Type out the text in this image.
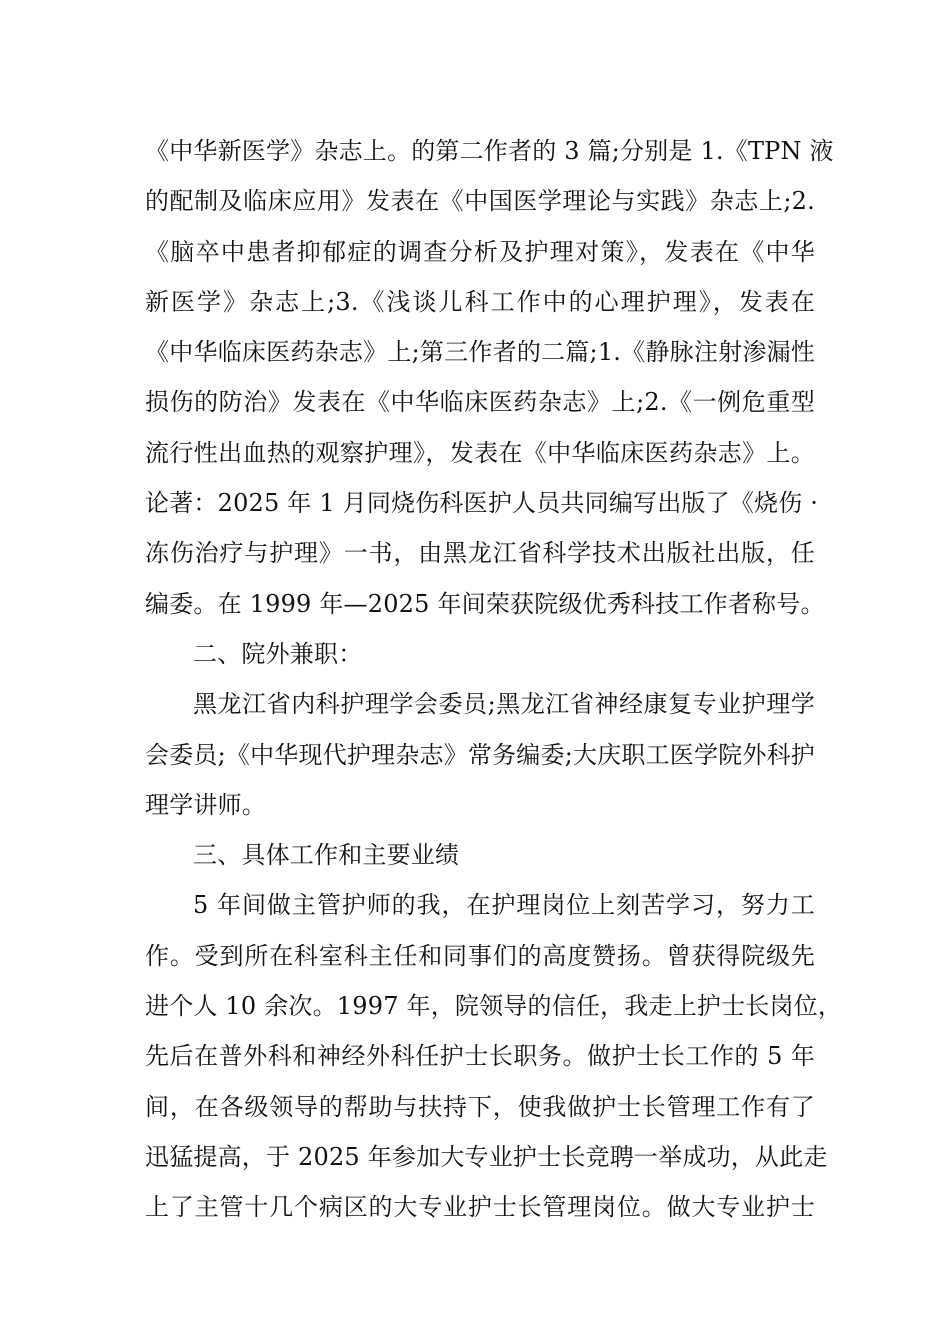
《中华新医学》杂志上。的第二作者的 3 篇;分别是 1.《TPN 液
的配制及临床应用》发表在《中国医学理论与实践》杂志上;2.
《脑卒中患者抑郁症的调查分析及护理对策》，发表在《中华
新医学》杂志上;3.《浅谈儿科工作中的心理护理》，发表在
《中华临床医药杂志》上;第三作者的二篇;1.《静脉注射渗漏性
损伤的防治》发表在《中华临床医药杂志》上;2.《一例危重型
流行性出血热的观察护理》，发表在《中华临床医药杂志》上。
论著：2025 年 1 月同烧伤科医护人员共同编写出版了《烧伤 ·
冻伤治疗与护理》一书，由黑龙江省科学技术出版社出版，任
编委。在 1999 年—2025 年间荣获院级优秀科技工作者称号。
二、院外兼职：
黑龙江省内科护理学会委员;黑龙江省神经康复专业护理学
会委员;《中华现代护理杂志》常务编委;大庆职工医学院外科护
理学讲师。
三、具体工作和主要业绩
5 年间做主管护师的我，在护理岗位上刻苦学习，努力工
作。受到所在科室科主任和同事们的高度赞扬。曾获得院级先
进个人 10 余次。1997 年，院领导的信任，我走上护士长岗位，
先后在普外科和神经外科任护士长职务。做护士长工作的 5 年
间，在各级领导的帮助与扶持下，使我做护士长管理工作有了
迅猛提高，于 2025 年参加大专业护士长竞聘一举成功，从此走
上了主管十几个病区的大专业护士长管理岗位。做大专业护士
